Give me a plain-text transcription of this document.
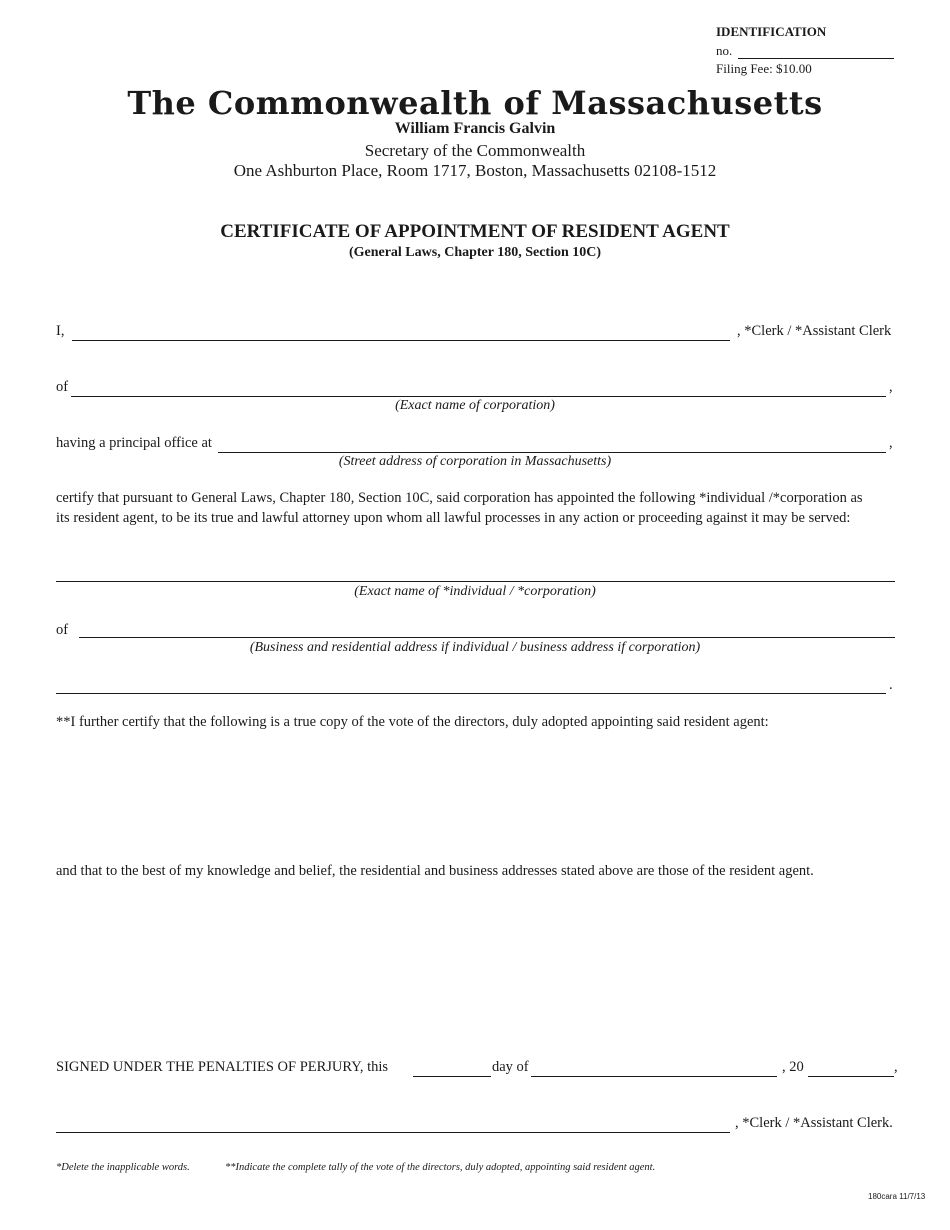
IDENTIFICATION
no.
Filing Fee: $10.00
The Commonwealth of Massachusetts
William Francis Galvin
Secretary of the Commonwealth
One Ashburton Place, Room 1717, Boston, Massachusetts 02108-1512
CERTIFICATE OF APPOINTMENT OF RESIDENT AGENT
(General Laws, Chapter 180, Section 10C)
I,	, *Clerk / *Assistant Clerk
of	,
(Exact name of corporation)
having a principal office at	,
(Street address of corporation in Massachusetts)
certify that pursuant to General Laws, Chapter 180, Section 10C, said corporation has appointed the following *individual /*corporation as
its resident agent, to be its true and lawful attorney upon whom all lawful processes in any action or proceeding against it may be served:
(Exact name of *individual / *corporation)
of
(Business and residential address if individual / business address if corporation)
.
**I further certify that the following is a true copy of the vote of the directors, duly adopted appointing said resident agent:
and that to the best of my knowledge and belief, the residential and business addresses stated above are those of the resident agent.
SIGNED UNDER THE PENALTIES OF PERJURY, this	day of	, 20	,
, *Clerk / *Assistant Clerk.
*Delete the inapplicable words.	**Indicate the complete tally of the vote of the directors, duly adopted, appointing said resident agent.
180cara 11/7/13
